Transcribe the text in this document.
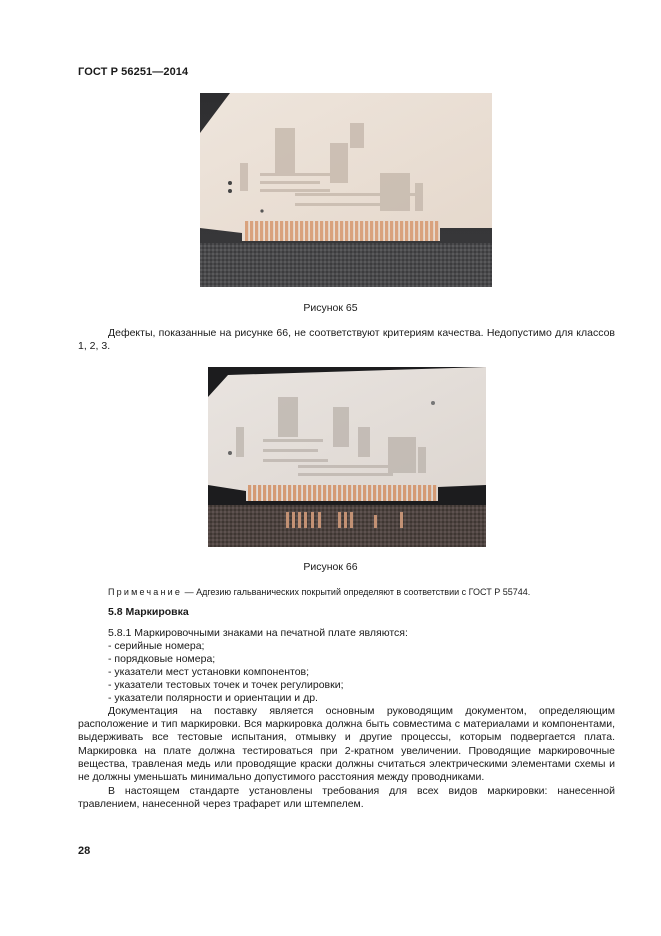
ГОСТ Р 56251—2014
Рисунок 65
Дефекты, показанные на рисунке 66, не соответствуют критериям качества. Недопустимо для классов 1, 2, 3.
Рисунок 66
Примечание — Адгезию гальванических покрытий определяют в соответствии с ГОСТ Р 55744.
5.8 Маркировка
5.8.1 Маркировочными знаками на печатной плате являются:
- серийные номера;
- порядковые номера;
- указатели мест установки компонентов;
- указатели тестовых точек и точек регулировки;
- указатели полярности и ориентации и др.
Документация на поставку является основным руководящим документом, определяющим расположение и тип маркировки. Вся маркировка должна быть совместима с материалами и компонентами, выдерживать все тестовые испытания, отмывку и другие процессы, которым подвергается плата. Маркировка на плате должна тестироваться при 2-кратном увеличении. Проводящие маркировочные вещества, травленая медь или проводящие краски должны считаться электрическими элементами схемы и не должны уменьшать минимально допустимого расстояния между проводниками.
В настоящем стандарте установлены требования для всех видов маркировки: нанесенной травлением, нанесенной через трафарет или штемпелем.
28
